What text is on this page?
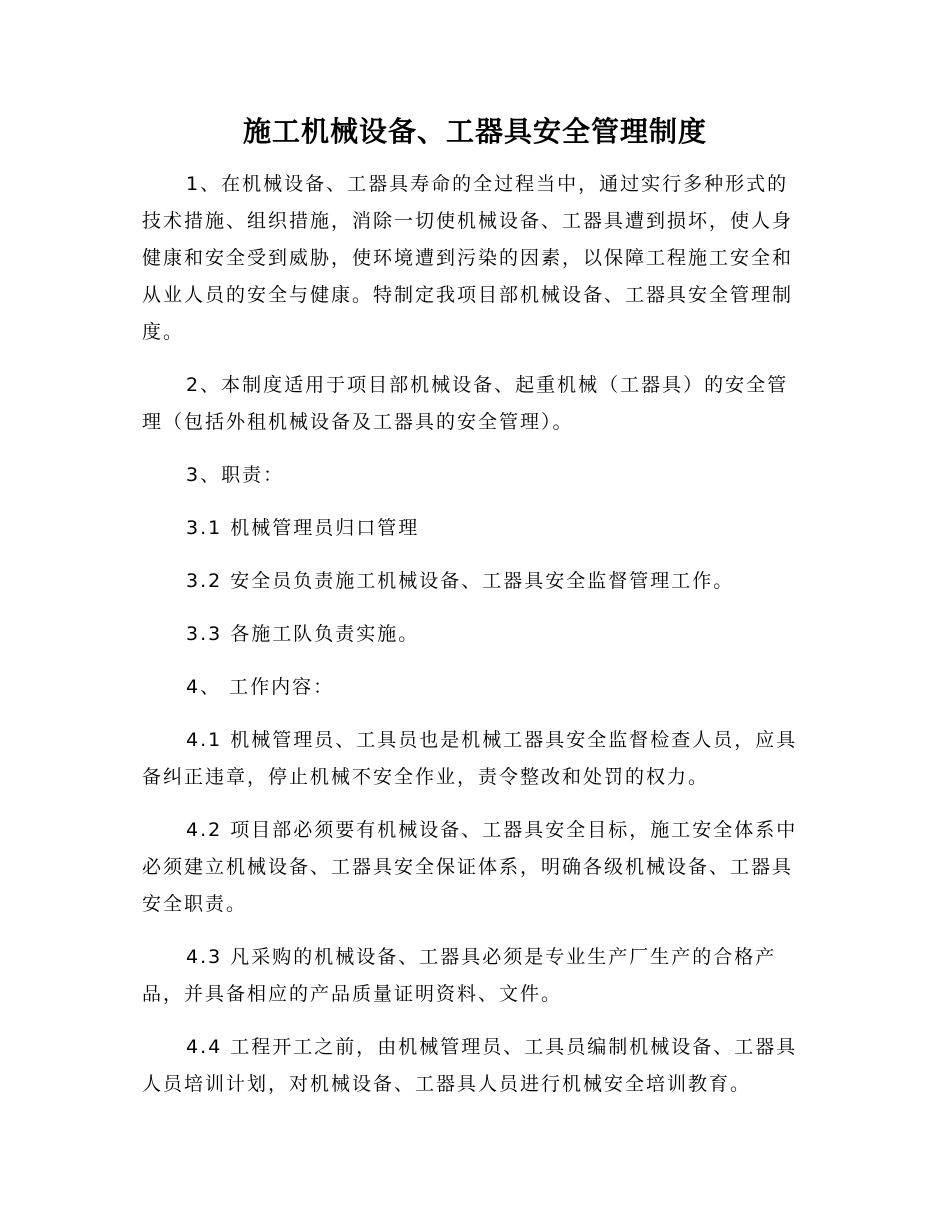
施工机械设备、工器具安全管理制度

1、在机械设备、工器具寿命的全过程当中，通过实行多种形式的技术措施、组织措施，消除一切使机械设备、工器具遭到损坏，使人身健康和安全受到威胁，使环境遭到污染的因素，以保障工程施工安全和从业人员的安全与健康。特制定我项目部机械设备、工器具安全管理制度。

2、本制度适用于项目部机械设备、起重机械（工器具）的安全管理（包括外租机械设备及工器具的安全管理）。

3、职责：

3.1 机械管理员归口管理

3.2 安全员负责施工机械设备、工器具安全监督管理工作。

3.3 各施工队负责实施。

4、 工作内容：

4.1 机械管理员、工具员也是机械工器具安全监督检查人员，应具备纠正违章，停止机械不安全作业，责令整改和处罚的权力。

4.2 项目部必须要有机械设备、工器具安全目标，施工安全体系中必须建立机械设备、工器具安全保证体系，明确各级机械设备、工器具安全职责。

4.3 凡采购的机械设备、工器具必须是专业生产厂生产的合格产品，并具备相应的产品质量证明资料、文件。

4.4 工程开工之前，由机械管理员、工具员编制机械设备、工器具人员培训计划，对机械设备、工器具人员进行机械安全培训教育。
